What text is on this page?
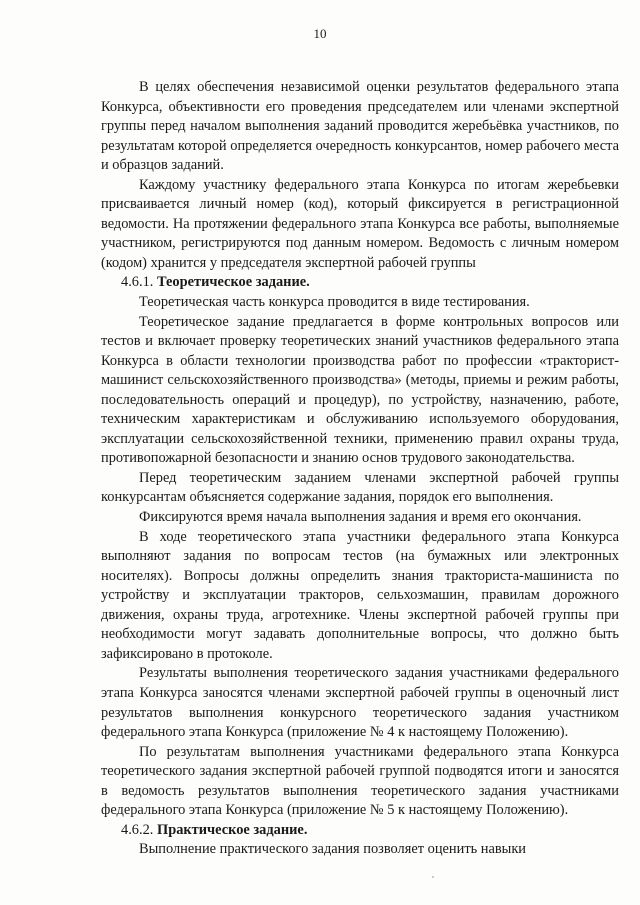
10

В целях обеспечения независимой оценки результатов федерального этапа Конкурса, объективности его проведения председателем или членами экспертной группы перед началом выполнения заданий проводится жеребьёвка участников, по результатам которой определяется очередность конкурсантов, номер рабочего места и образцов заданий.

Каждому участнику федерального этапа Конкурса по итогам жеребьевки присваивается личный номер (код), который фиксируется в регистрационной ведомости. На протяжении федерального этапа Конкурса все работы, выполняемые участником, регистрируются под данным номером. Ведомость с личным номером (кодом) хранится у председателя экспертной рабочей группы

4.6.1. Теоретическое задание.

Теоретическая часть конкурса проводится в виде тестирования.

Теоретическое задание предлагается в форме контрольных вопросов или тестов и включает проверку теоретических знаний участников федерального этапа Конкурса в области технологии производства работ по профессии «тракторист-машинист сельскохозяйственного производства» (методы, приемы и режим работы, последовательность операций и процедур), по устройству, назначению, работе, техническим характеристикам и обслуживанию используемого оборудования, эксплуатации сельскохозяйственной техники, применению правил охраны труда, противопожарной безопасности и знанию основ трудового законодательства.

Перед теоретическим заданием членами экспертной рабочей группы конкурсантам объясняется содержание задания, порядок его выполнения.

Фиксируются время начала выполнения задания и время его окончания.

В ходе теоретического этапа участники федерального этапа Конкурса выполняют задания по вопросам тестов (на бумажных или электронных носителях). Вопросы должны определить знания тракториста-машиниста по устройству и эксплуатации тракторов, сельхозмашин, правилам дорожного движения, охраны труда, агротехнике. Члены экспертной рабочей группы при необходимости могут задавать дополнительные вопросы, что должно быть зафиксировано в протоколе.

Результаты выполнения теоретического задания участниками федерального этапа Конкурса заносятся членами экспертной рабочей группы в оценочный лист результатов выполнения конкурсного теоретического задания участником федерального этапа Конкурса (приложение № 4 к настоящему Положению).

По результатам выполнения участниками федерального этапа Конкурса теоретического задания экспертной рабочей группой подводятся итоги и заносятся в ведомость результатов выполнения теоретического задания участниками федерального этапа Конкурса (приложение № 5 к настоящему Положению).

4.6.2. Практическое задание.

Выполнение практического задания позволяет оценить навыки
